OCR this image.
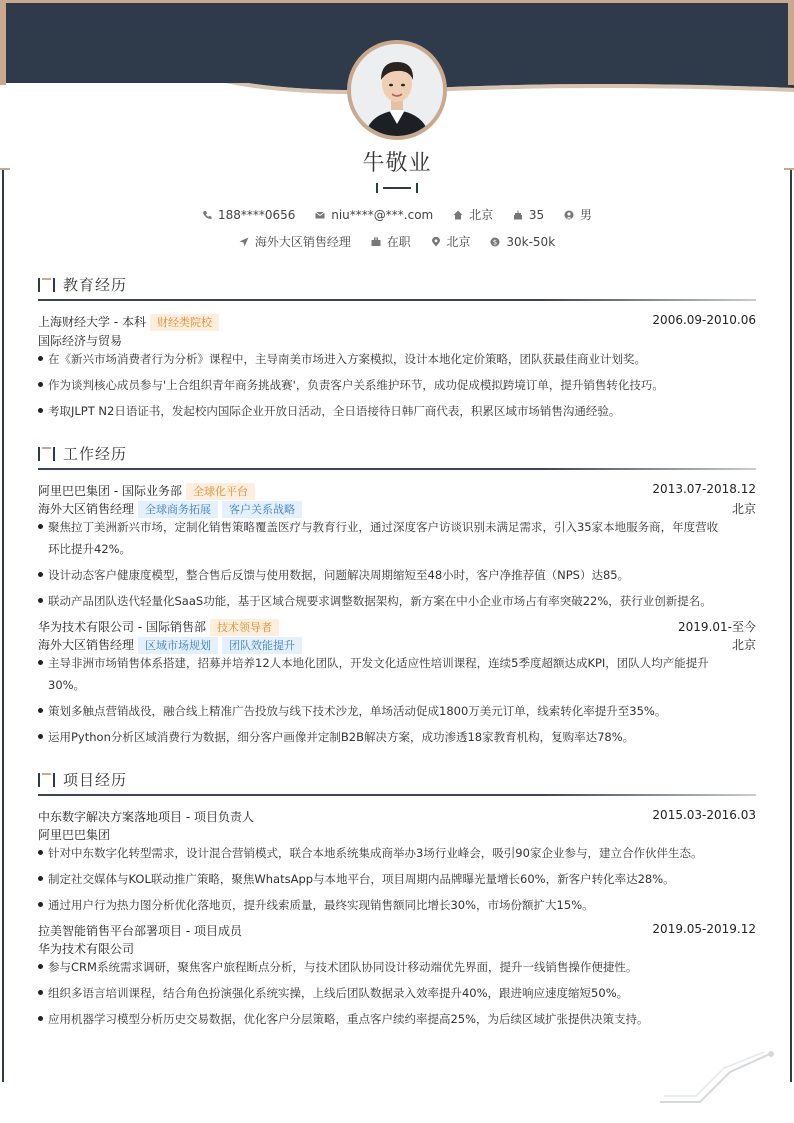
牛敬业
188****0656	niu****@***.com	北京	35	男
海外大区销售经理	在职	北京	$ 30k-50k
教育经历
上海财经大学 - 本科 财经类院校	2006.09-2010.06
国际经济与贸易
在《新兴市场消费者行为分析》课程中，主导南美市场进入方案模拟，设计本地化定价策略，团队获最佳商业计划奖。
作为谈判核心成员参与'上合组织青年商务挑战赛'，负责客户关系维护环节，成功促成模拟跨境订单，提升销售转化技巧。
考取JLPT N2日语证书，发起校内国际企业开放日活动，全日语接待日韩厂商代表，积累区域市场销售沟通经验。
工作经历
阿里巴巴集团 - 国际业务部 全球化平台	2013.07-2018.12
海外大区销售经理 全球商务拓展 客户关系战略	北京
聚焦拉丁美洲新兴市场，定制化销售策略覆盖医疗与教育行业，通过深度客户访谈识别未满足需求，引入35家本地服务商，年度营收
环比提升42%。
设计动态客户健康度模型，整合售后反馈与使用数据，问题解决周期缩短至48小时，客户净推荐值（NPS）达85。
联动产品团队迭代轻量化SaaS功能，基于区域合规要求调整数据架构，新方案在中小企业市场占有率突破22%，获行业创新提名。
华为技术有限公司 - 国际销售部 技术领导者	2019.01-至今
海外大区销售经理 区域市场规划 团队效能提升	北京
主导非洲市场销售体系搭建，招募并培养12人本地化团队，开发文化适应性培训课程，连续5季度超额达成KPI，团队人均产能提升
30%。
策划多触点营销战役，融合线上精准广告投放与线下技术沙龙，单场活动促成1800万美元订单，线索转化率提升至35%。
运用Python分析区域消费行为数据，细分客户画像并定制B2B解决方案，成功渗透18家教育机构，复购率达78%。
项目经历
中东数字解决方案落地项目 - 项目负责人	2015.03-2016.03
阿里巴巴集团
针对中东数字化转型需求，设计混合营销模式，联合本地系统集成商举办3场行业峰会，吸引90家企业参与，建立合作伙伴生态。
制定社交媒体与KOL联动推广策略，聚焦WhatsApp与本地平台，项目周期内品牌曝光量增长60%，新客户转化率达28%。
通过用户行为热力图分析优化落地页，提升线索质量，最终实现销售额同比增长30%，市场份额扩大15%。
拉美智能销售平台部署项目 - 项目成员	2019.05-2019.12
华为技术有限公司
参与CRM系统需求调研，聚焦客户旅程断点分析，与技术团队协同设计移动端优先界面，提升一线销售操作便捷性。
组织多语言培训课程，结合角色扮演强化系统实操，上线后团队数据录入效率提升40%，跟进响应速度缩短50%。
应用机器学习模型分析历史交易数据，优化客户分层策略，重点客户续约率提高25%，为后续区域扩张提供决策支持。
